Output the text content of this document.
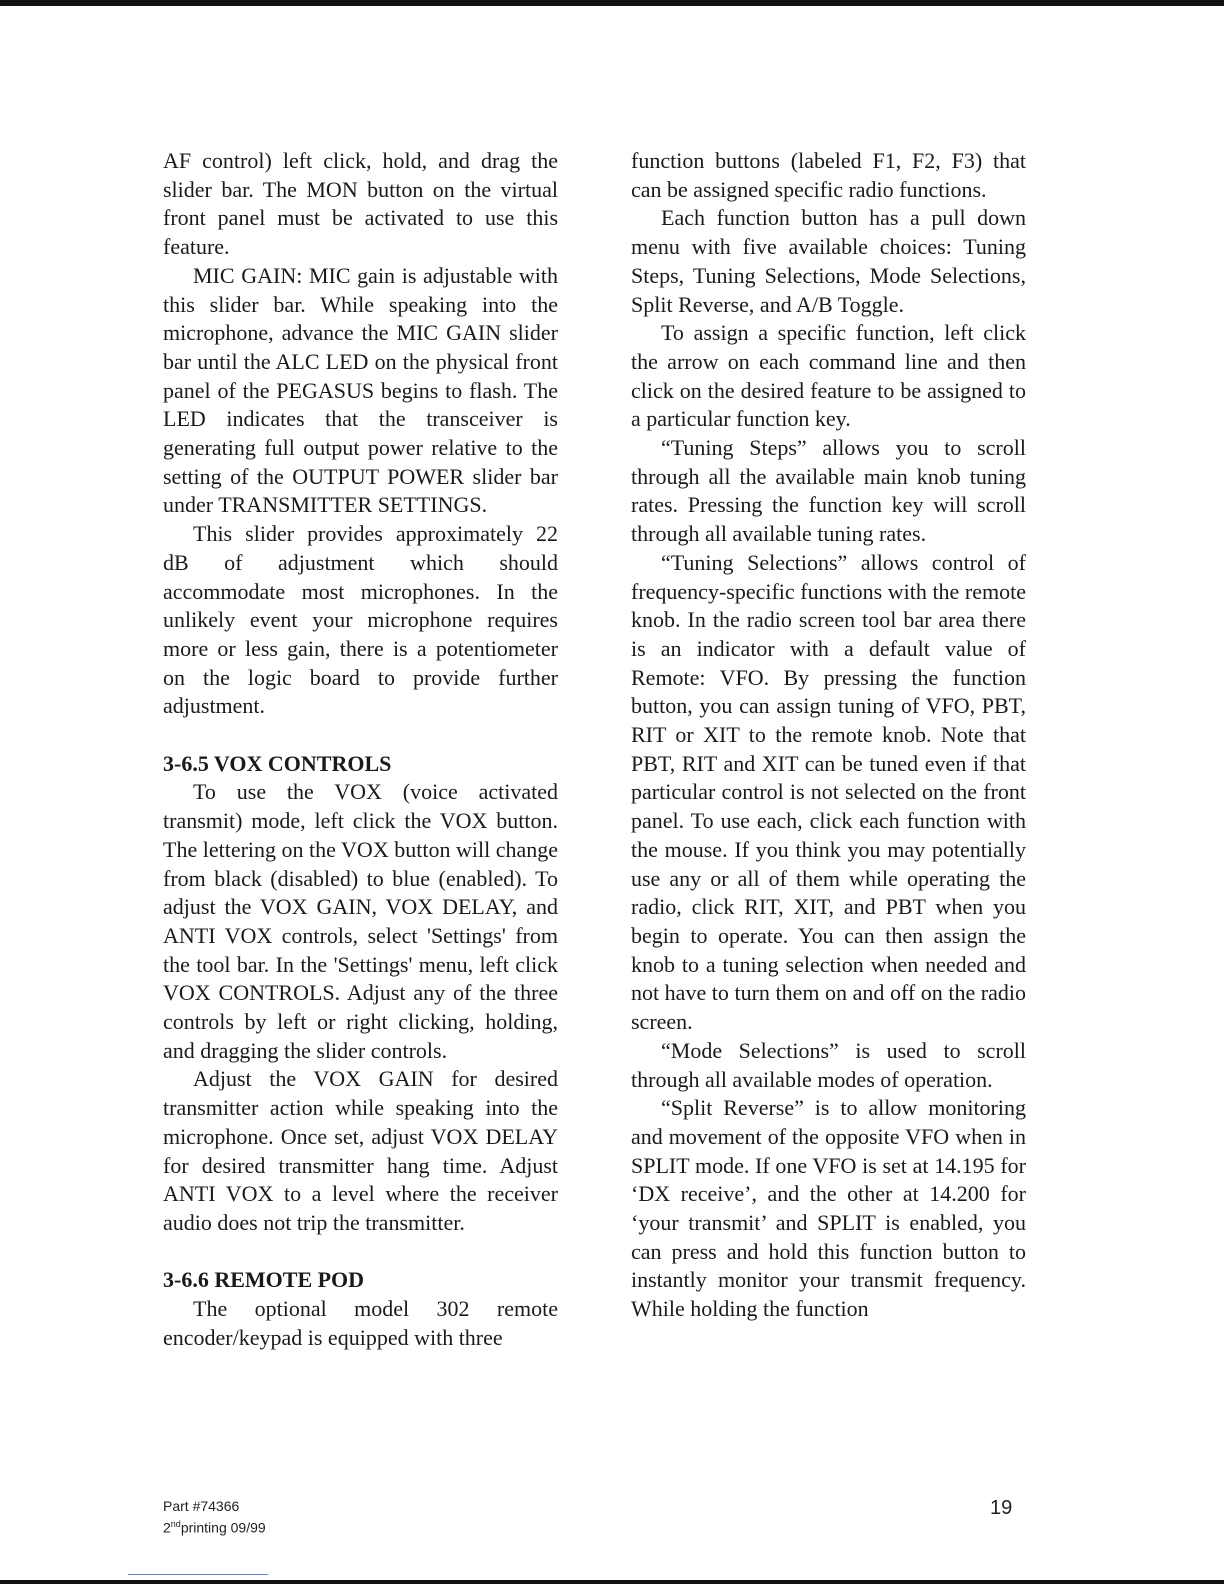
AF control) left click, hold, and drag the slider bar. The MON button on the virtual front panel must be activated to use this feature.

MIC GAIN: MIC gain is adjustable with this slider bar. While speaking into the microphone, advance the MIC GAIN slider bar until the ALC LED on the physical front panel of the PEGASUS begins to flash. The LED indicates that the transceiver is generating full output power relative to the setting of the OUTPUT POWER slider bar under TRANSMITTER SETTINGS.

This slider provides approximately 22 dB of adjustment which should accommodate most microphones. In the unlikely event your microphone requires more or less gain, there is a potentiometer on the logic board to provide further adjustment.

3-6.5 VOX CONTROLS

To use the VOX (voice activated transmit) mode, left click the VOX button. The lettering on the VOX button will change from black (disabled) to blue (enabled). To adjust the VOX GAIN, VOX DELAY, and ANTI VOX controls, select 'Settings' from the tool bar. In the 'Settings' menu, left click VOX CONTROLS. Adjust any of the three controls by left or right clicking, holding, and dragging the slider controls.

Adjust the VOX GAIN for desired transmitter action while speaking into the microphone. Once set, adjust VOX DELAY for desired transmitter hang time. Adjust ANTI VOX to a level where the receiver audio does not trip the transmitter.

3-6.6 REMOTE POD

The optional model 302 remote encoder/keypad is equipped with three

function buttons (labeled F1, F2, F3) that can be assigned specific radio functions.

Each function button has a pull down menu with five available choices: Tuning Steps, Tuning Selections, Mode Selections, Split Reverse, and A/B Toggle.

To assign a specific function, left click the arrow on each command line and then click on the desired feature to be assigned to a particular function key.

“Tuning Steps” allows you to scroll through all the available main knob tuning rates. Pressing the function key will scroll through all available tuning rates.

“Tuning Selections” allows control of frequency-specific functions with the remote knob. In the radio screen tool bar area there is an indicator with a default value of Remote: VFO. By pressing the function button, you can assign tuning of VFO, PBT, RIT or XIT to the remote knob. Note that PBT, RIT and XIT can be tuned even if that particular control is not selected on the front panel. To use each, click each function with the mouse. If you think you may potentially use any or all of them while operating the radio, click RIT, XIT, and PBT when you begin to operate. You can then assign the knob to a tuning selection when needed and not have to turn them on and off on the radio screen.

“Mode Selections” is used to scroll through all available modes of operation.

“Split Reverse” is to allow monitoring and movement of the opposite VFO when in SPLIT mode. If one VFO is set at 14.195 for ‘DX receive’, and the other at 14.200 for ‘your transmit’ and SPLIT is enabled, you can press and hold this function button to instantly monitor your transmit frequency. While holding the function

Part #74366
2ndprinting 09/99
19
